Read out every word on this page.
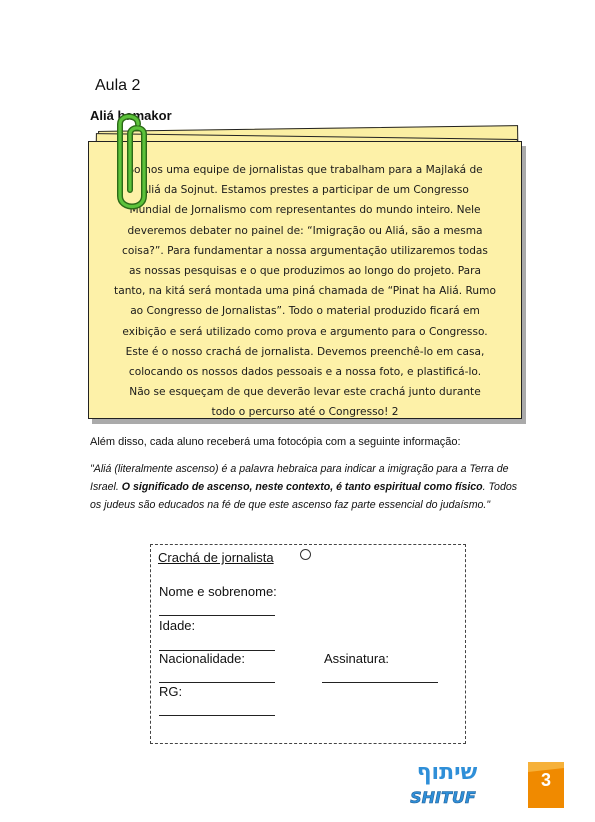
Aula 2
Aliá bamakor

Somos uma equipe de jornalistas que trabalham para a Majlaká de

Aliá da Sojnut. Estamos prestes a participar de um Congresso

Mundial de Jornalismo com representantes do mundo inteiro. Nele

deveremos debater no painel de: “Imigração ou Aliá, são a mesma

coisa?”. Para fundamentar a nossa argumentação utilizaremos todas

as nossas pesquisas e o que produzimos ao longo do projeto. Para

tanto, na kitá será montada uma piná chamada de “Pinat ha Aliá. Rumo

ao Congresso de Jornalistas”. Todo o material produzido ficará em

exibição e será utilizado como prova e argumento para o Congresso.

Este é o nosso crachá de jornalista. Devemos preenchê-lo em casa,

colocando os nossos dados pessoais e a nossa foto, e plastificá-lo.

Não se esqueçam de que deverão levar este crachá junto durante

todo o percurso até o Congresso! 2

Além disso, cada aluno receberá uma fotocópia com a seguinte informação:
"Aliá (literalmente ascenso) é a palavra hebraica para indicar a imigração para a Terra de Israel. O significado de ascenso, neste contexto, é tanto espiritual como físico. Todos os judeus são educados na fé de que este ascenso faz parte essencial do judaísmo."
Crachá de jornalista
Nome e sobrenome:
Idade:
Nacionalidade:	Assinatura:
RG:
שיתוף
SHITUF
3
